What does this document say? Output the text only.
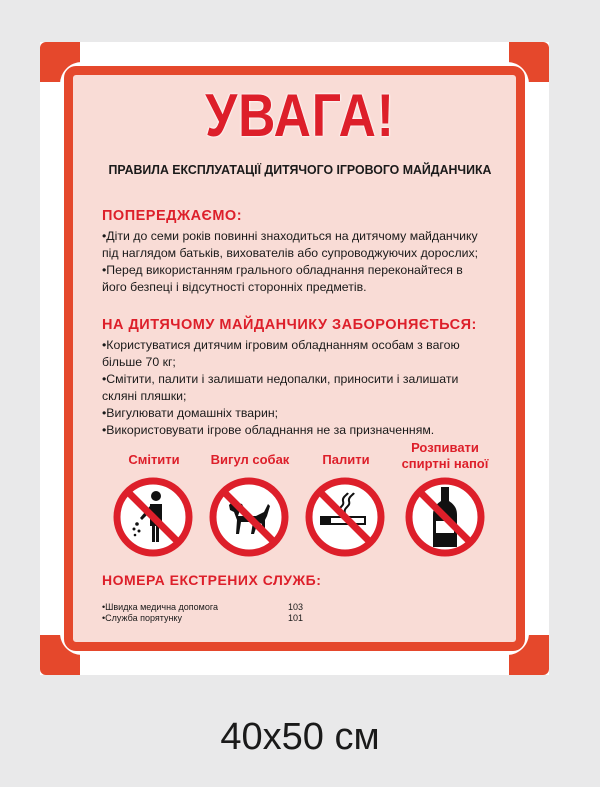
УВАГА!
ПРАВИЛА ЕКСПЛУАТАЦІЇ ДИТЯЧОГО ІГРОВОГО МАЙДАНЧИКА
ПОПЕРЕДЖАЄМО:
•Діти до семи років повинні знаходиться на дитячому майданчику
під наглядом батьків, вихователів або супроводжуючих дорослих;
•Перед використанням грального обладнання переконайтеся в
його безпеці і відсутності сторонніх предметів.
НА ДИТЯЧОМУ МАЙДАНЧИКУ ЗАБОРОНЯЄТЬСЯ:
•Користуватися дитячим ігровим обладнанням особам з вагою
більше 70 кг;
•Смітити, палити і залишати недопалки, приносити і залишати
скляні пляшки;
•Вигулювати домашніх тварин;
•Використовувати ігрове обладнання не за призначенням.
Смітити	Вигул собак	Палити
Розпивати
спиртні напої
НОМЕРА ЕКСТРЕНИХ СЛУЖБ:
•Швидка медична допомога	103
•Служба порятунку	101
40x50 см
